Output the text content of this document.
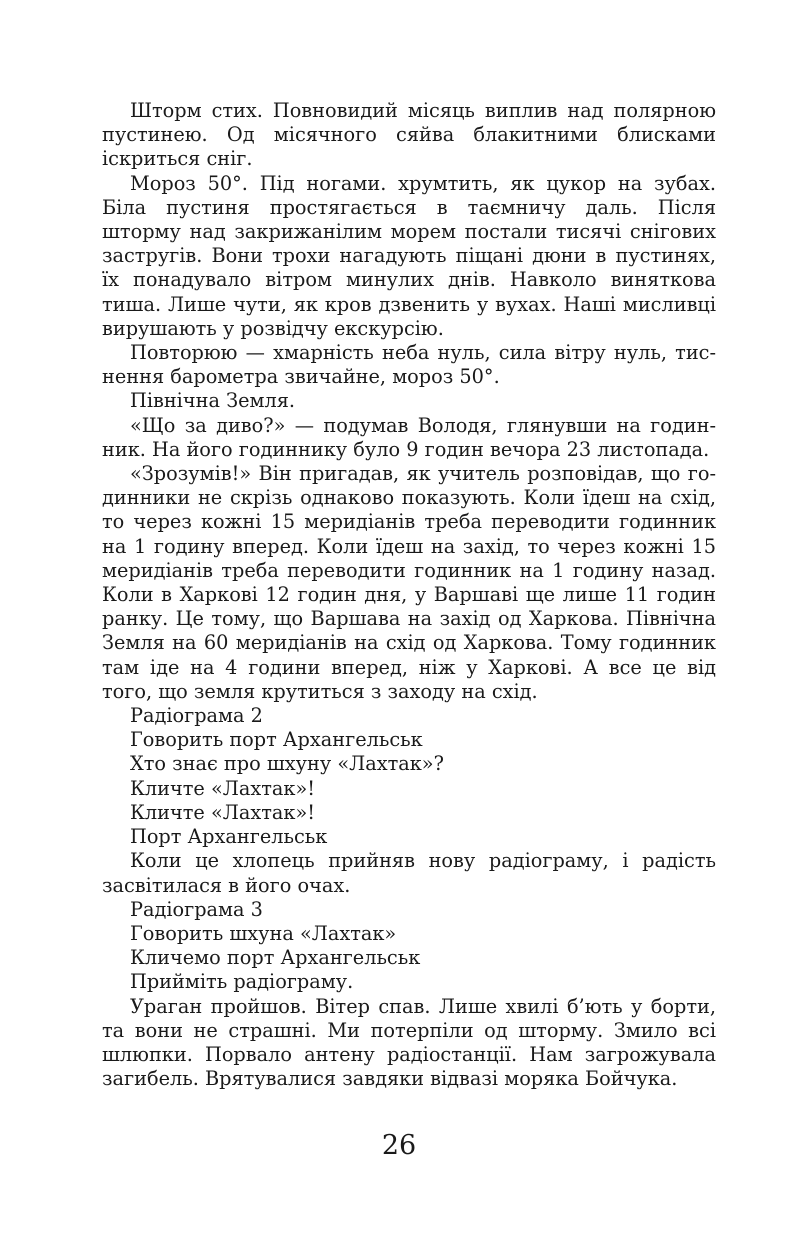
Шторм стих. Повновидий місяць виплив над полярною пустинею. Од місячного сяйва блакитними блисками іскриться сніг.

Мороз 50°. Під ногами. хрумтить, як цукор на зубах. Біла пустиня простягається в таємничу даль. Після шторму над закрижанілим морем постали тисячі снігових застругів. Вони трохи нагадують піщані дюни в пустинях, їх понадувало вітром минулих днів. Навколо виняткова тиша. Лише чути, як кров дзвенить у вухах. Наші мисливці вирушають у розвідчу екскурсію.

Повторюю — хмарність неба нуль, сила вітру нуль, тиснення барометра звичайне, мороз 50°.

Північна Земля.

«Що за диво?» — подумав Володя, глянувши на годинник. На його годиннику було 9 годин вечора 23 листопада.

«Зрозумів!» Він пригадав, як учитель розповідав, що годинники не скрізь однаково показують. Коли їдеш на схід, то через кожні 15 меридіанів треба переводити годинник на 1 годину вперед. Коли їдеш на захід, то через кожні 15 меридіанів треба переводити годинник на 1 годину назад. Коли в Харкові 12 годин дня, у Варшаві ще лише 11 годин ранку. Це тому, що Варшава на захід од Харкова. Північна Земля на 60 меридіанів на схід од Харкова. Тому годинник там іде на 4 години вперед, ніж у Харкові. А все це від того, що земля крутиться з заходу на схід.

Радіограма 2

Говорить порт Архангельськ

Хто знає про шхуну «Лахтак»?

Кличте «Лахтак»!

Кличте «Лахтак»!

Порт Архангельськ

Коли це хлопець прийняв нову радіограму, і радість засвітилася в його очах.

Радіограма 3

Говорить шхуна «Лахтак»

Кличемо порт Архангельськ

Прийміть радіограму.

Ураган пройшов. Вітер спав. Лише хвилі б’ють у борти, та вони не страшні. Ми потерпіли од шторму. Змило всі шлюпки. Порвало антену радіостанції. Нам загрожувала загибель. Врятувалися завдяки відвазі моряка Бойчука.

26
